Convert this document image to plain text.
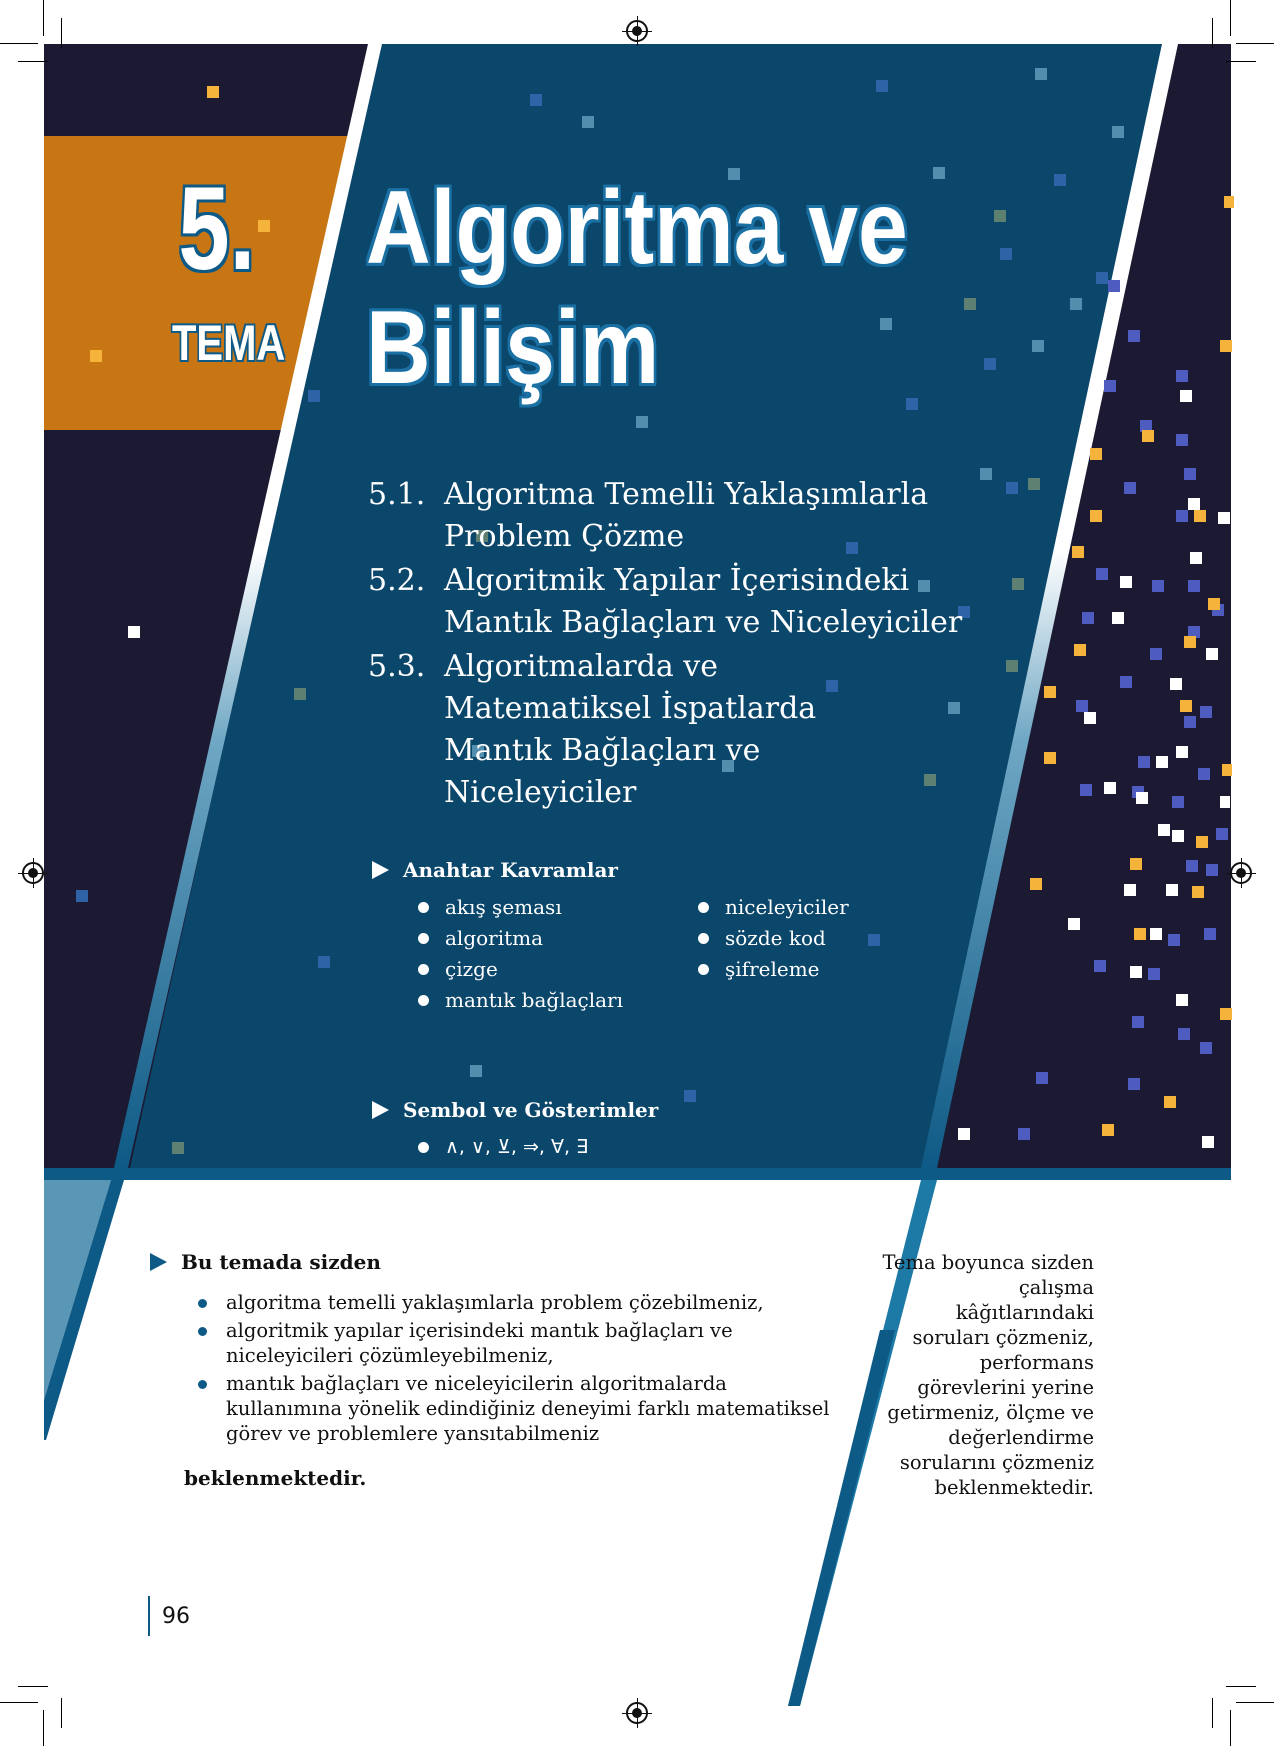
5.
TEMA
Algoritma ve
Bilişim
5.1. Algoritma Temelli Yaklaşımlarla Problem Çözme
5.2. Algoritmik Yapılar İçerisindeki Mantık Bağlaçları ve Niceleyiciler
5.3. Algoritmalarda ve Matematiksel İspatlarda Mantık Bağlaçları ve Niceleyiciler
Anahtar Kavramlar
akış şeması
algoritma
çizge
mantık bağlaçları
niceleyiciler
sözde kod
şifreleme
Sembol ve Gösterimler
∧, ∨, ⊻, ⇒, ∀, ∃
Bu temada sizden
algoritma temelli yaklaşımlarla problem çözebilmeniz,
algoritmik yapılar içerisindeki mantık bağlaçları ve niceleyicileri çözümleyebilmeniz,
mantık bağlaçları ve niceleyicilerin algoritmalarda kullanımına yönelik edindiğiniz deneyimi farklı matematiksel görev ve problemlere yansıtabilmeniz
beklenmektedir.
Tema boyunca sizden çalışma kâğıtlarındaki soruları çözmeniz, performans görevlerini yerine getirmeniz, ölçme ve değerlendirme sorularını çözmeniz beklenmektedir.
96
